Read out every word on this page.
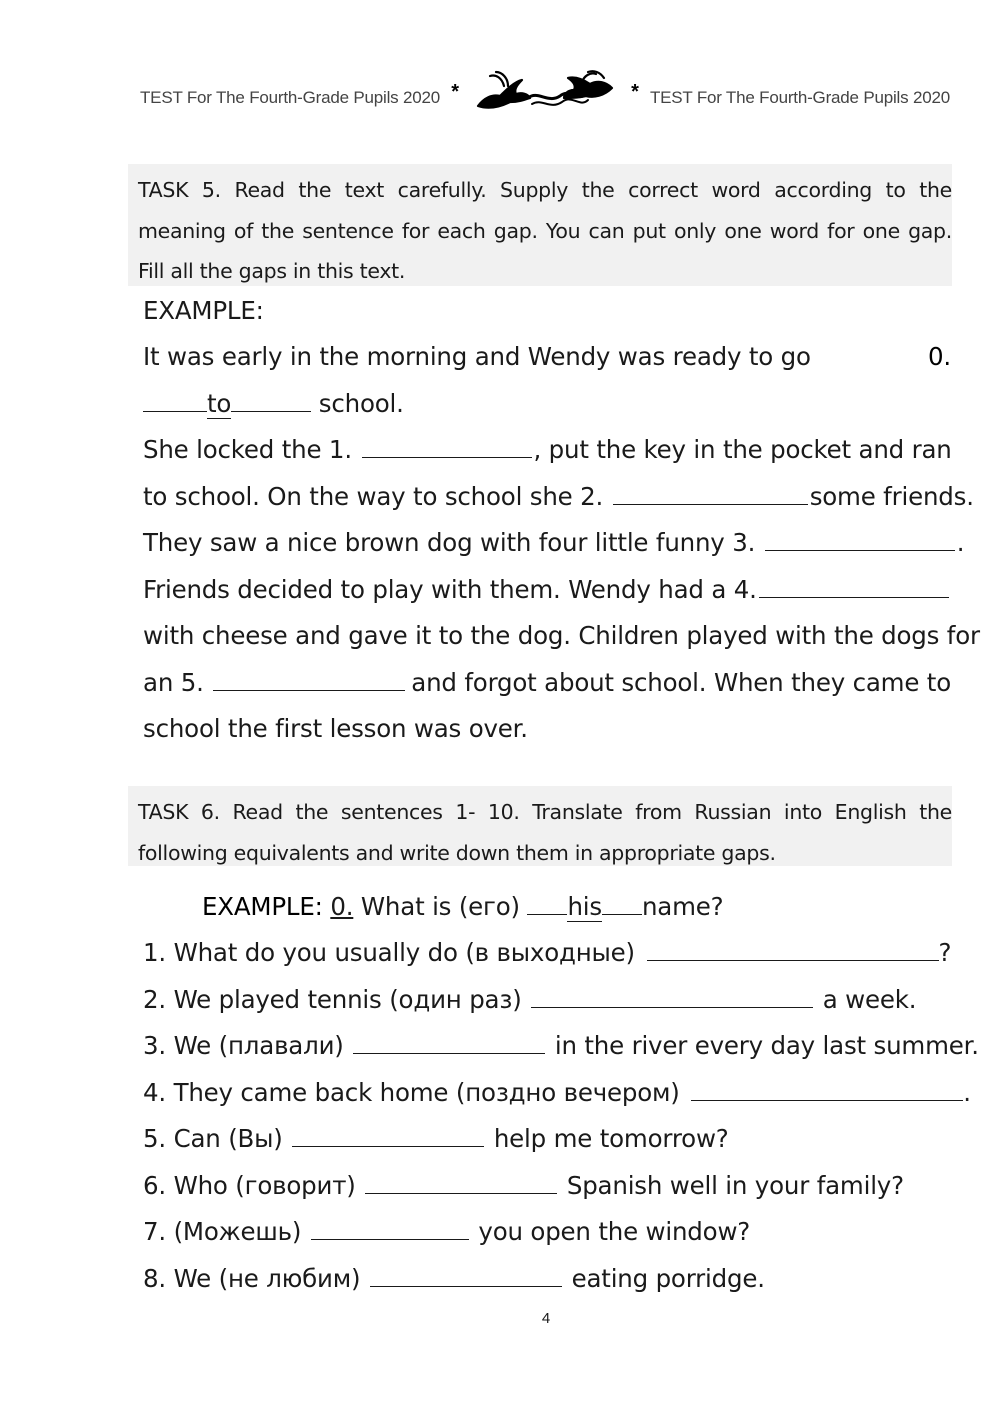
TEST For The Fourth-Grade Pupils 2020 *	* TEST For The Fourth-Grade Pupils 2020
TASK 5. Read the text carefully. Supply the correct word according to the meaning of the sentence for each gap. You can put only one word for one gap. Fill all the gaps in this text.
EXAMPLE:
It was early in the morning and Wendy was ready to go	0.
to	school.
She locked the 1.	, put the key in the pocket and ran
to school. On the way to school she 2.	some friends.
They saw a nice brown dog with four little funny 3.	.
Friends decided to play with them. Wendy had a 4.
with cheese and gave it to the dog. Children played with the dogs for
an 5.	and forgot about school. When they came to
school the first lesson was over.
TASK 6. Read the sentences 1- 10. Translate from Russian into English the following equivalents and write down them in appropriate gaps.
EXAMPLE: 0. What is (его) his name?
1. What do you usually do (в выходные)	?
2. We played tennis (один раз)	a week.
3. We (плавали)	in the river every day last summer.
4. They came back home (поздно вечером)	.
5. Can (Вы)	help me tomorrow?
6. Who (говорит)	Spanish well in your family?
7. (Можешь)	you open the window?
8. We (не любим)	eating porridge.
4
